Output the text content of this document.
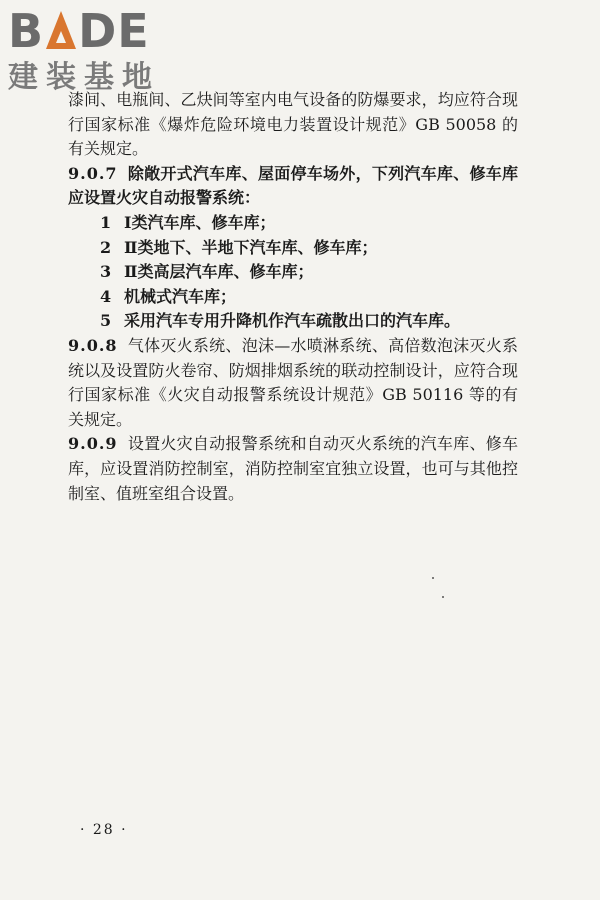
B DE
建装基地

漆间、电瓶间、乙炔间等室内电气设备的防爆要求，均应符合现行国家标准《爆炸危险环境电力装置设计规范》GB 50058 的有关规定。

9.0.7 除敞开式汽车库、屋面停车场外，下列汽车库、修车库应设置火灾自动报警系统：

1 Ⅰ类汽车库、修车库；
2 Ⅱ类地下、半地下汽车库、修车库；
3 Ⅱ类高层汽车库、修车库；
4 机械式汽车库；
5 采用汽车专用升降机作汽车疏散出口的汽车库。

9.0.8 气体灭火系统、泡沫—水喷淋系统、高倍数泡沫灭火系统以及设置防火卷帘、防烟排烟系统的联动控制设计，应符合现行国家标准《火灾自动报警系统设计规范》GB 50116 等的有关规定。

9.0.9 设置火灾自动报警系统和自动灭火系统的汽车库、修车库，应设置消防控制室，消防控制室宜独立设置，也可与其他控制室、值班室组合设置。

· 28 ·
